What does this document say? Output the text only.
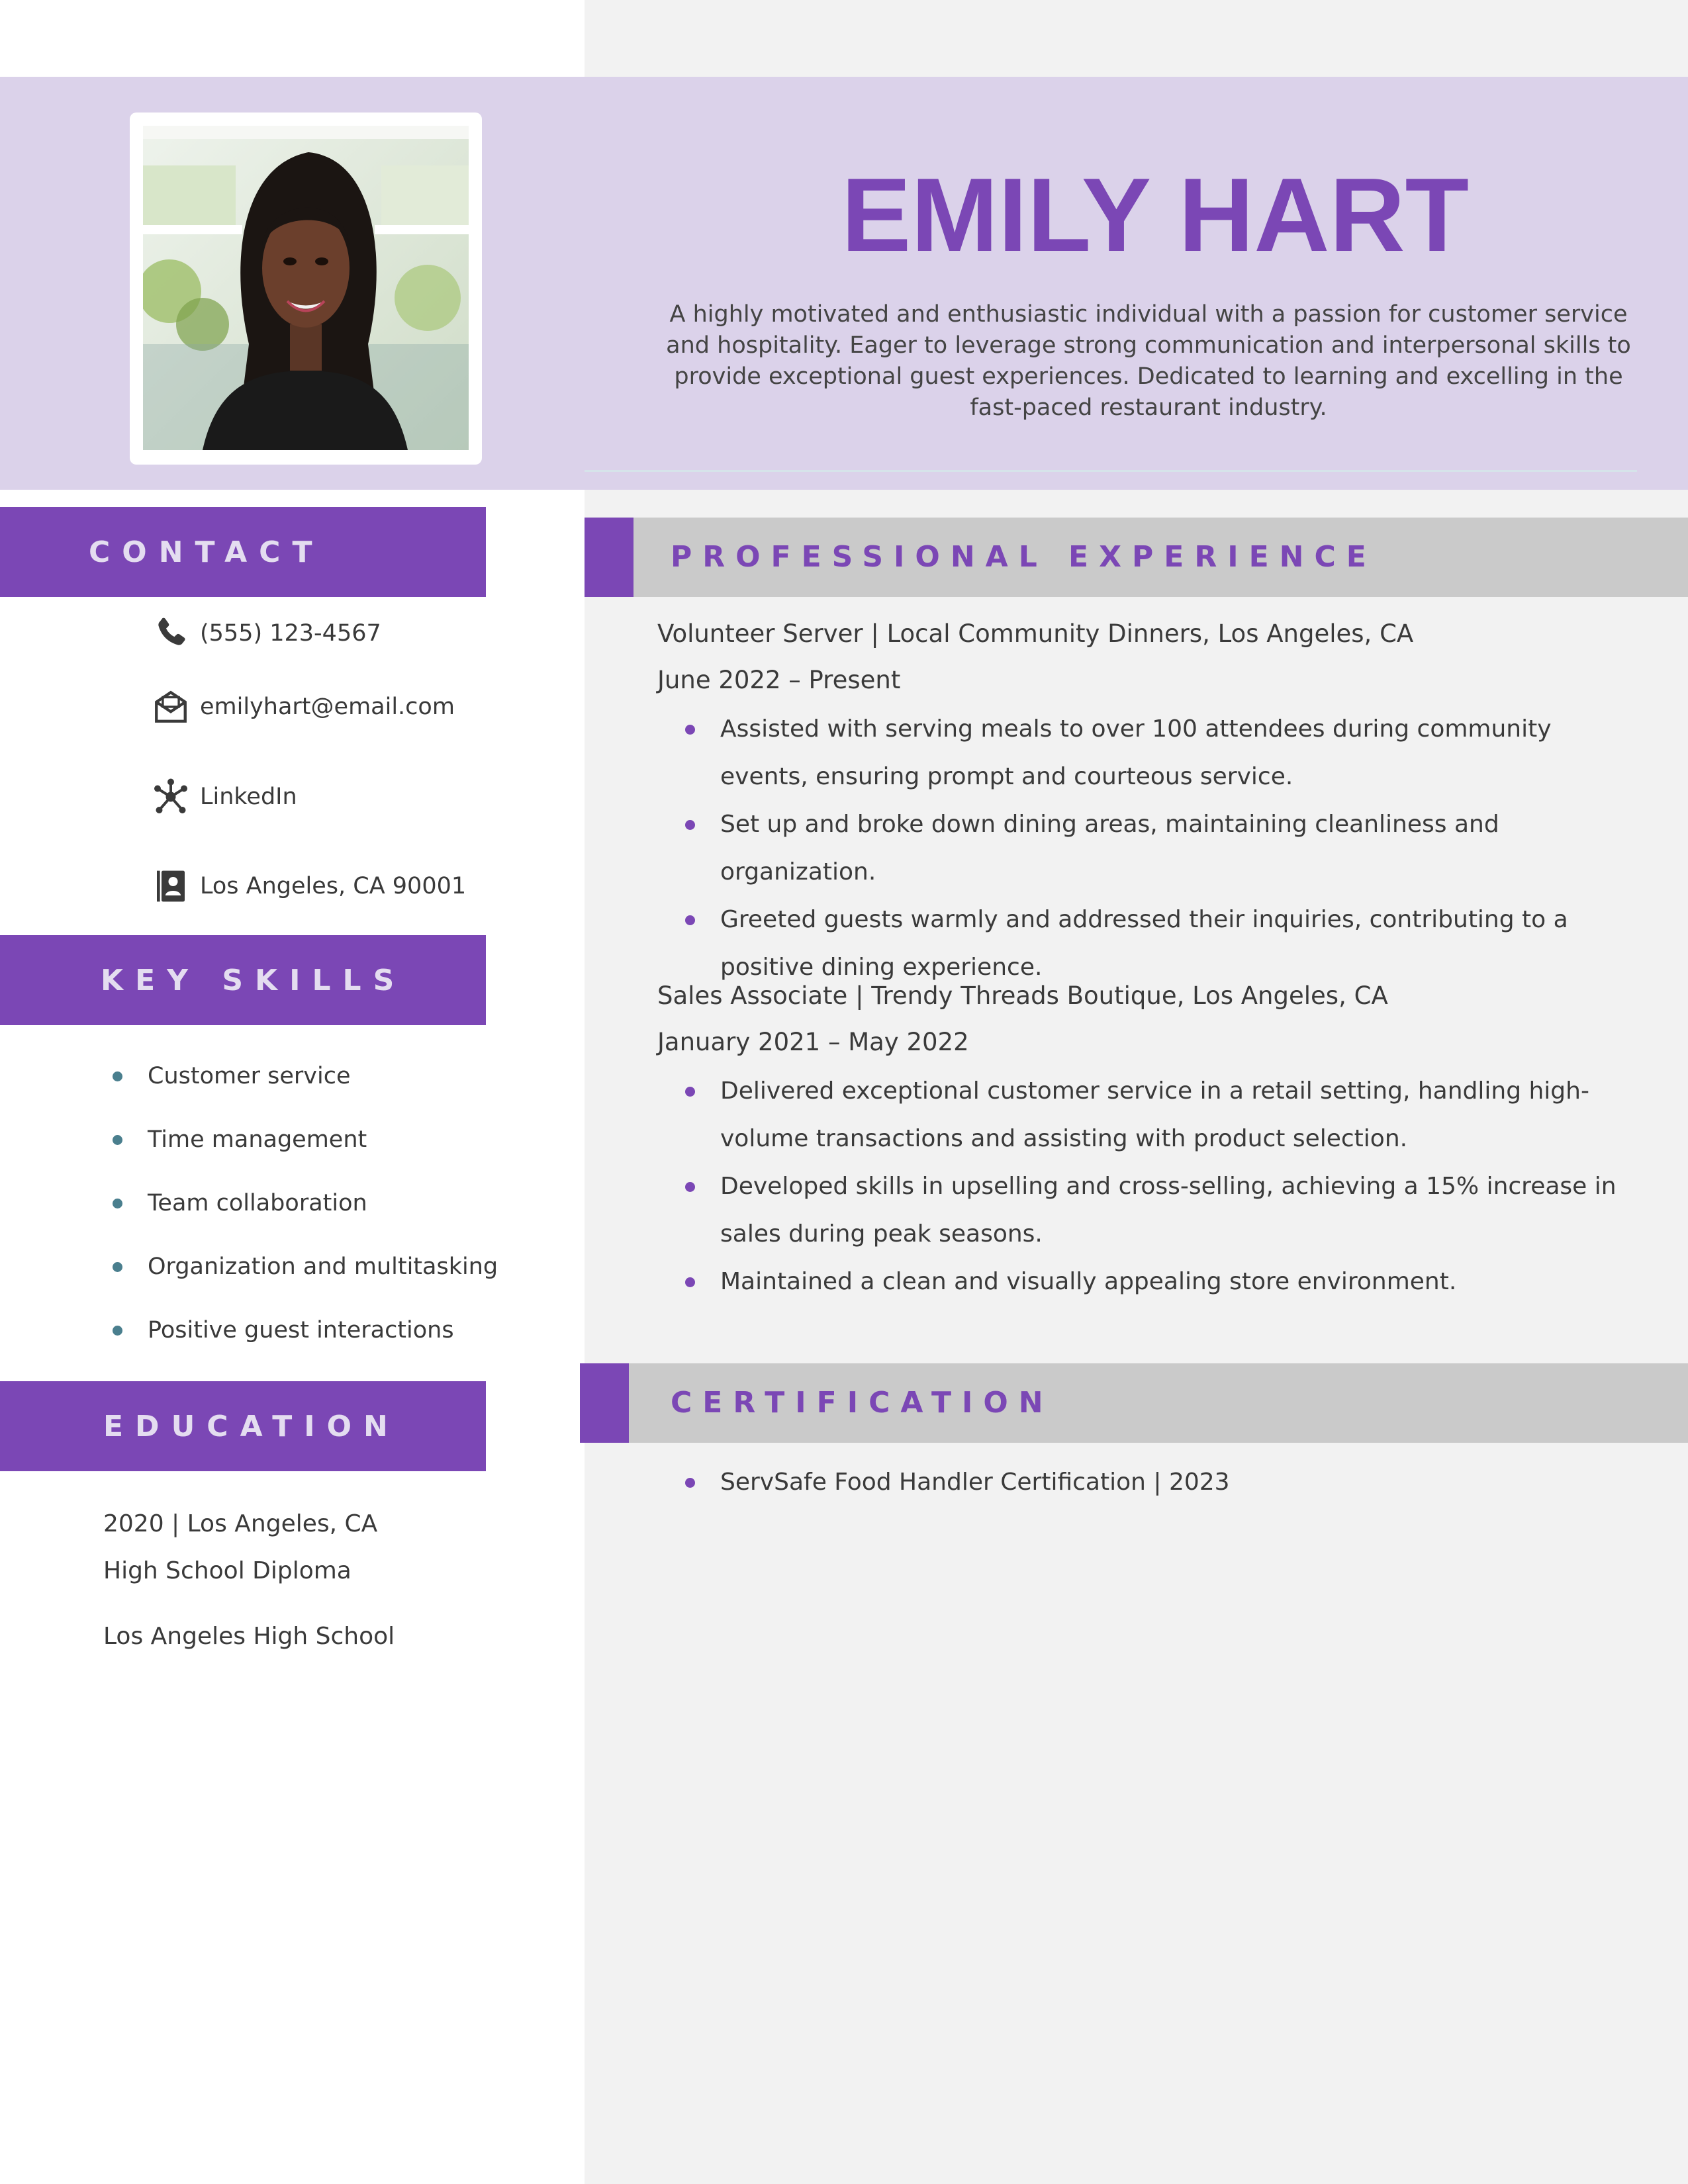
EMILY HART

A highly motivated and enthusiastic individual with a passion for customer service and hospitality. Eager to leverage strong communication and interpersonal skills to provide exceptional guest experiences. Dedicated to learning and excelling in the fast-paced restaurant industry.

CONTACT
(555) 123-4567
emilyhart@email.com
LinkedIn
Los Angeles, CA 90001
KEY SKILLS
Customer service
Time management
Team collaboration
Organization and multitasking
Positive guest interactions
EDUCATION
2020 | Los Angeles, CA
High School Diploma
Los Angeles High School
PROFESSIONAL EXPERIENCE
Volunteer Server | Local Community Dinners, Los Angeles, CA
June 2022 – Present
Assisted with serving meals to over 100 attendees during community events, ensuring prompt and courteous service.
Set up and broke down dining areas, maintaining cleanliness and organization.
Greeted guests warmly and addressed their inquiries, contributing to a positive dining experience.
Sales Associate | Trendy Threads Boutique, Los Angeles, CA
January 2021 – May 2022
Delivered exceptional customer service in a retail setting, handling high-volume transactions and assisting with product selection.
Developed skills in upselling and cross-selling, achieving a 15% increase in sales during peak seasons.
Maintained a clean and visually appealing store environment.
CERTIFICATION
ServSafe Food Handler Certification | 2023
